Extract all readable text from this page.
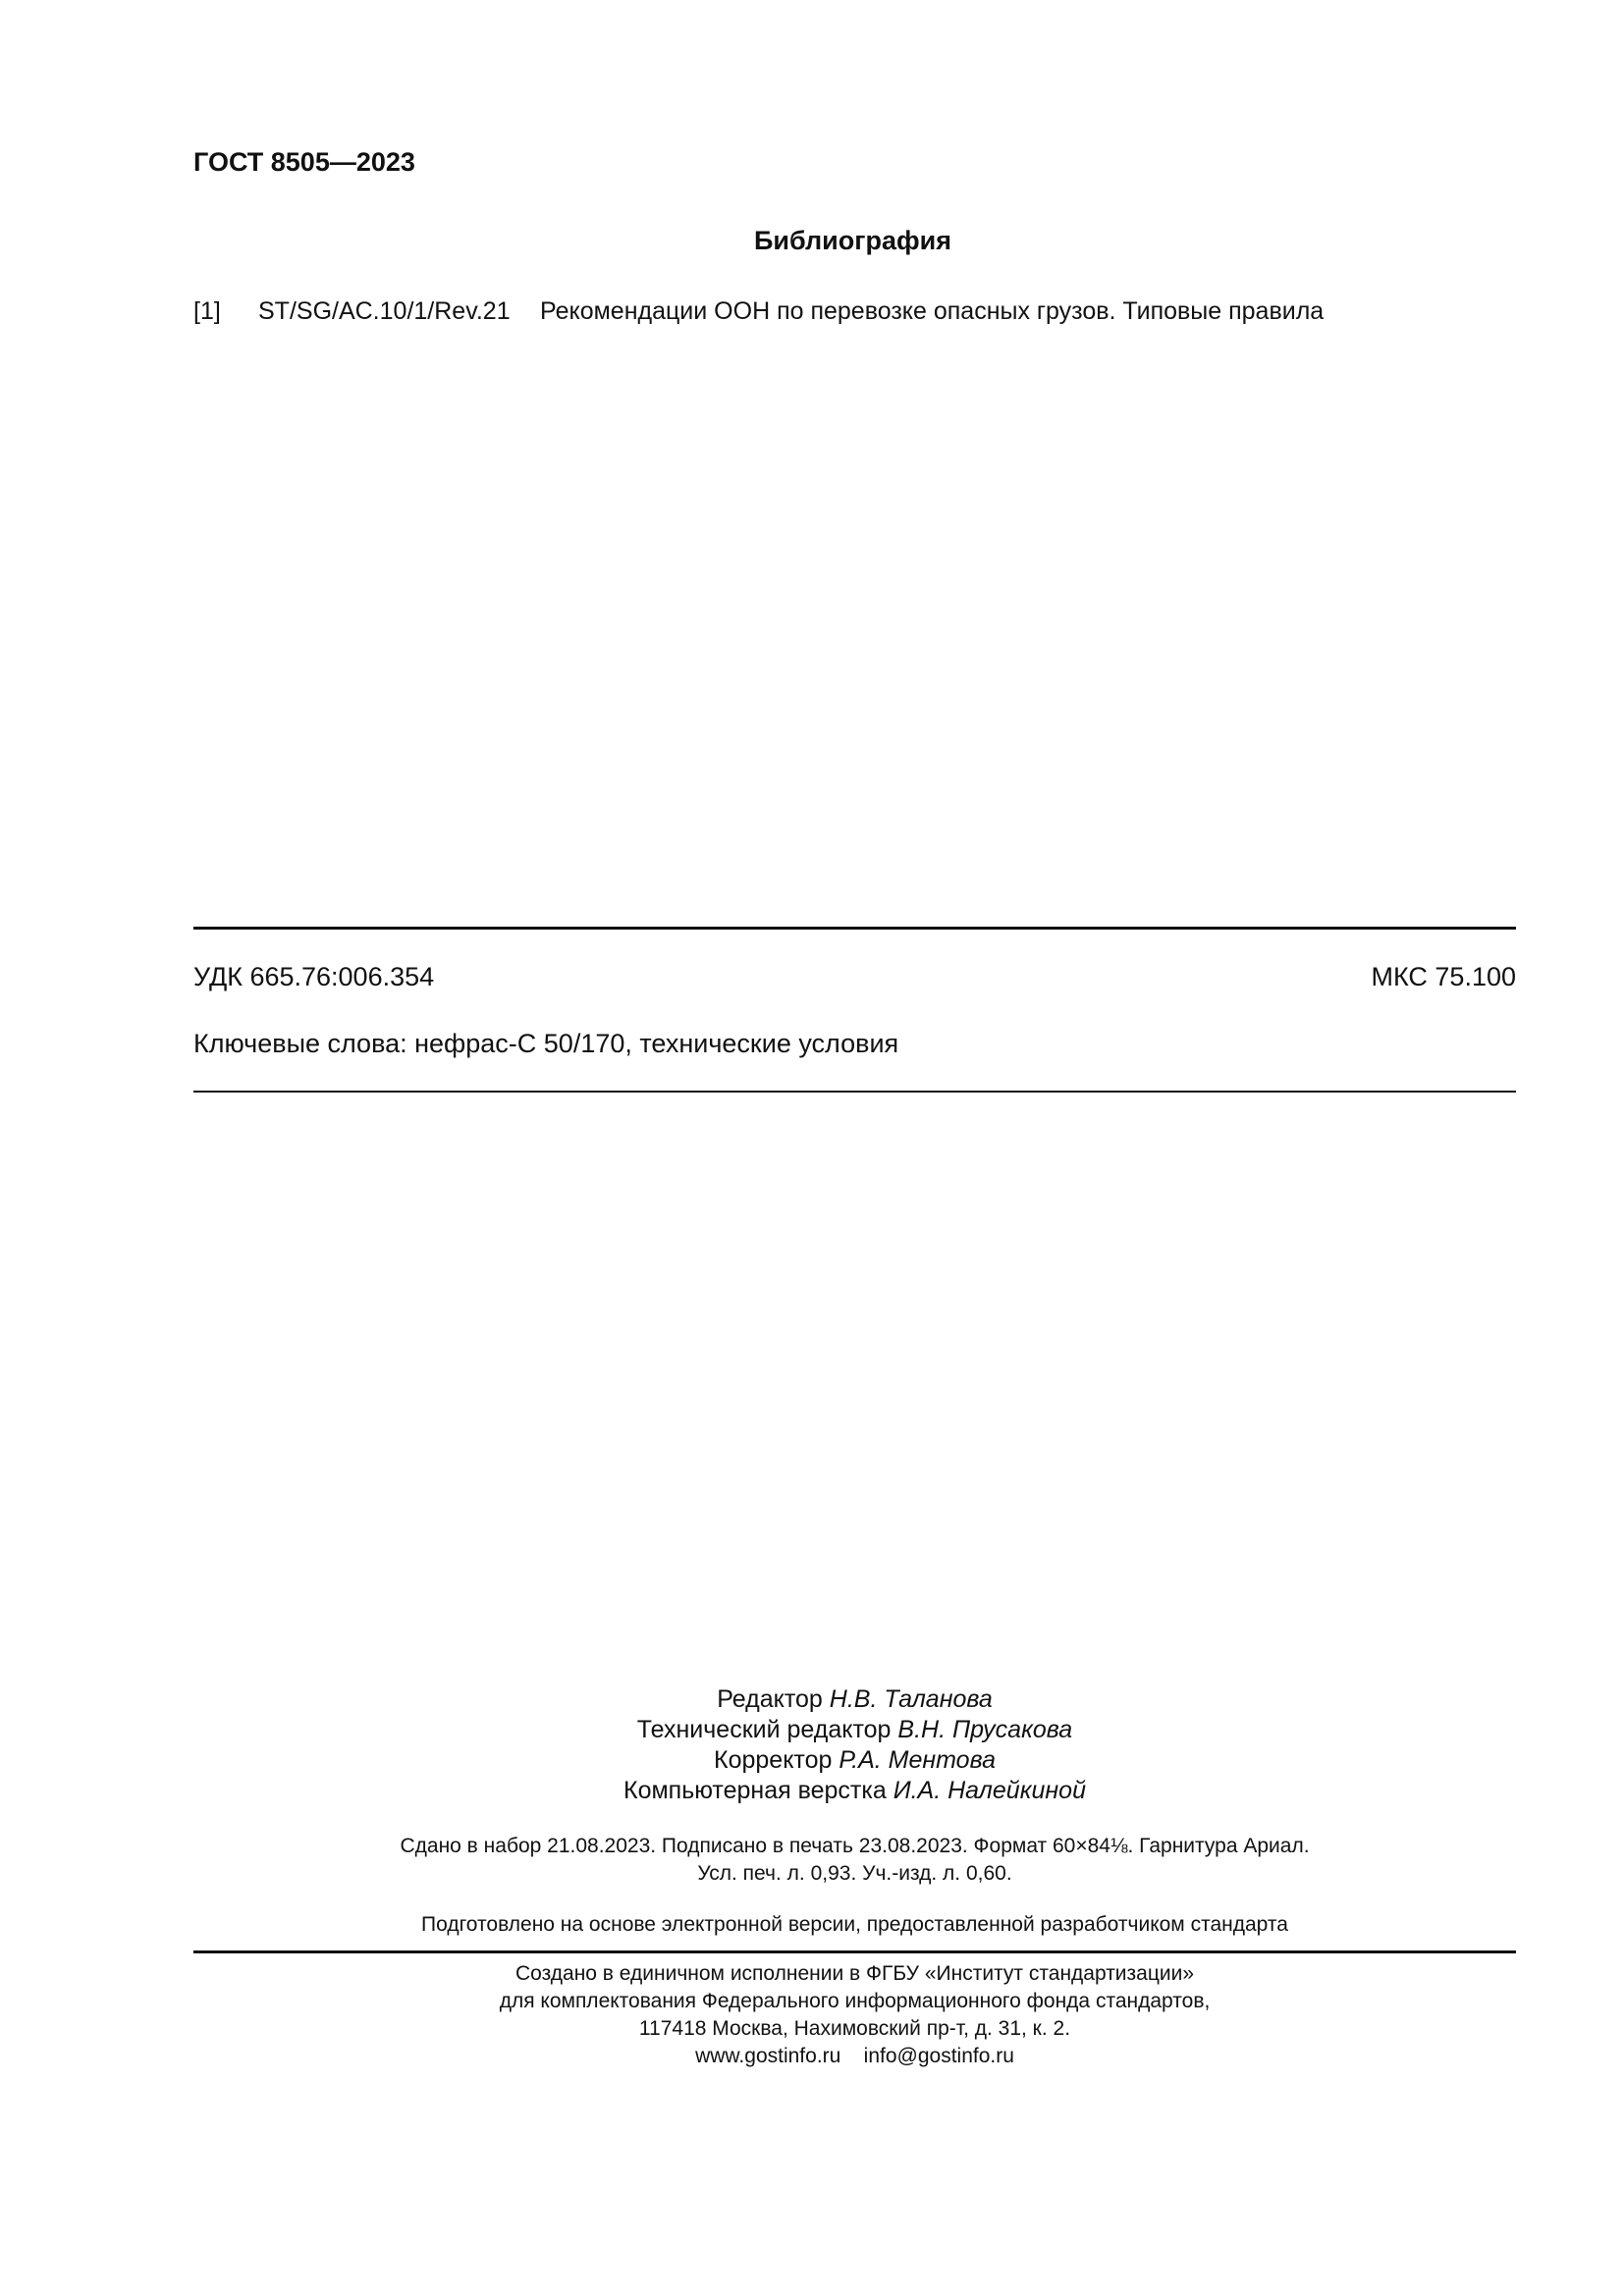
ГОСТ 8505—2023
Библиография
[1] ST/SG/AC.10/1/Rev.21 Рекомендации ООН по перевозке опасных грузов. Типовые правила
УДК 665.76:006.354	МКС 75.100
Ключевые слова: нефрас-С 50/170, технические условия
Редактор Н.В. Таланова
Технический редактор В.Н. Прусакова
Корректор Р.А. Ментова
Компьютерная верстка И.А. Налейкиной
Сдано в набор 21.08.2023. Подписано в печать 23.08.2023. Формат 60×84⅛. Гарнитура Ариал.
Усл. печ. л. 0,93. Уч.-изд. л. 0,60.
Подготовлено на основе электронной версии, предоставленной разработчиком стандарта
Создано в единичном исполнении в ФГБУ «Институт стандартизации»
для комплектования Федерального информационного фонда стандартов,
117418 Москва, Нахимовский пр-т, д. 31, к. 2.
www.gostinfo.ru    info@gostinfo.ru
